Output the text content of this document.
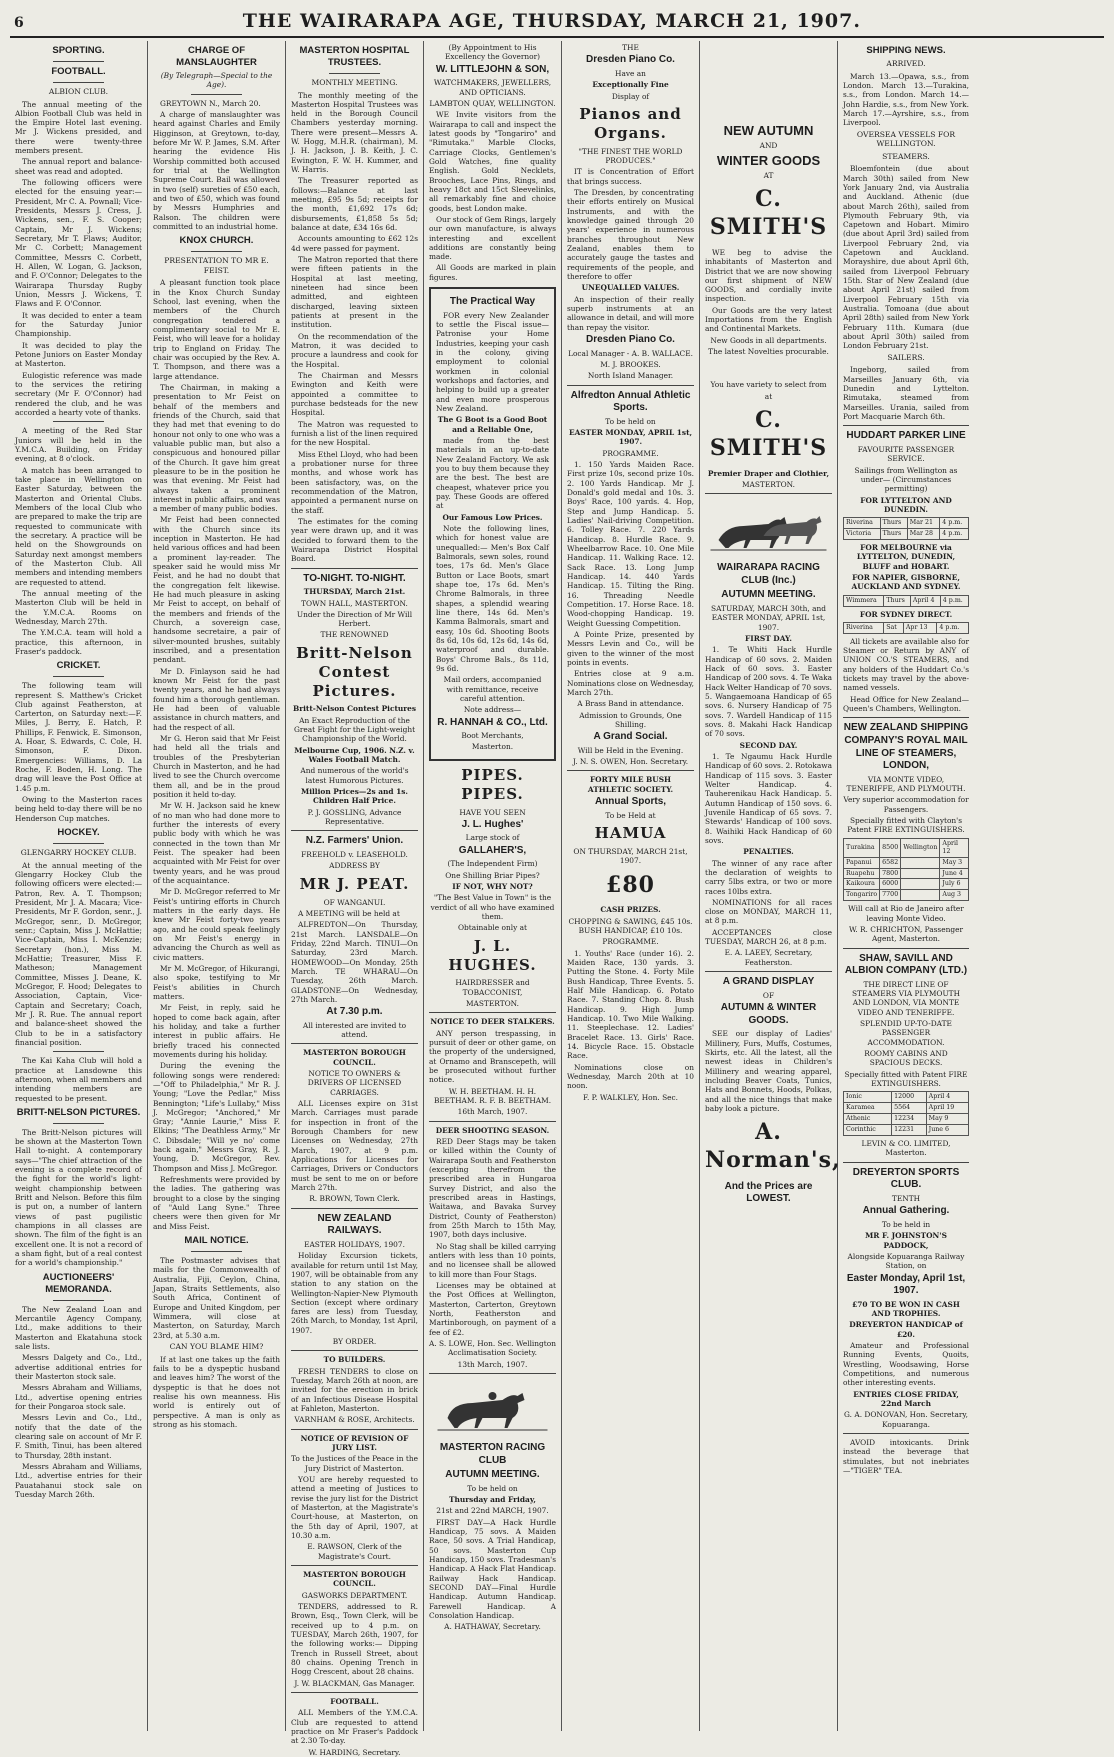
6	THE WAIRARAPA AGE, THURSDAY, MARCH 21, 1907.
SPORTING.
FOOTBALL.
ALBION CLUB.

The annual meeting of the Albion Football Club was held in the Empire Hotel last evening. Mr J. Wickens presided, and there were twenty-three members present.

The annual report and balance-sheet was read and adopted.

The following officers were elected for the ensuing year:—President, Mr C. A. Pownall; Vice-Presidents, Messrs J. Cress, J. Wickens, sen., F. S. Cooper; Captain, Mr J. Wickens; Secretary, Mr T. Flaws; Auditor, Mr C. Corbett; Management Committee, Messrs C. Corbett, H. Allen, W. Logan, G. Jackson, and F. O'Connor; Delegates to the Wairarapa Thursday Rugby Union, Messrs J. Wickens, T. Flaws and F. O'Connor.

It was decided to enter a team for the Saturday Junior Championship.

It was decided to play the Petone Juniors on Easter Monday at Masterton.

Eulogistic reference was made to the services the retiring secretary (Mr F. O'Connor) had rendered the club, and he was accorded a hearty vote of thanks.

A meeting of the Red Star Juniors will be held in the Y.M.C.A. Building, on Friday evening, at 8 o'clock.

A match has been arranged to take place in Wellington on Easter Saturday, between the Masterton and Oriental Clubs. Members of the local Club who are prepared to make the trip are requested to communicate with the secretary. A practice will be held on the Showgrounds on Saturday next amongst members of the Masterton Club. All members and intending members are requested to attend.

The annual meeting of the Masterton Club will be held in the Y.M.C.A. Rooms on Wednesday, March 27th.

The Y.M.C.A. team will hold a practice, this afternoon, in Fraser's paddock.

CRICKET.

The following team will represent S. Matthew's Cricket Club against Featherston, at Carterton, on Saturday next:—F. Miles, J. Berry, E. Hatch, P. Phillips, F. Fenwick, E. Simonson, A. Hoar, S. Edwards, C. Cole, H. Simonson, F. Dixon. Emergencies: Williams, D. La Roche, F. Boden, H. Long. The drag will leave the Post Office at 1.45 p.m.

Owing to the Masterton races being held to-day there will be no Henderson Cup matches.

HOCKEY.
GLENGARRY HOCKEY CLUB.

At the annual meeting of the Glengarry Hockey Club the following officers were elected:—Patron, Rev. A. T. Thompson; President, Mr J. A. Macara; Vice-Presidents, Mr F. Gordon, senr., J. McGregor, senr., D. McGregor, senr.; Captain, Miss J. McHattie; Vice-Captain, Miss I. McKenzie; Secretary (hon.), Miss M. McHattie; Treasurer, Miss F. Matheson; Management Committee, Misses J. Deane, K. McGregor, F. Hood; Delegates to Association, Captain, Vice-Captain and Secretary; Coach, Mr J. R. Rue. The annual report and balance-sheet showed the Club to be in a satisfactory financial position.

The Kai Kaha Club will hold a practice at Lansdowne this afternoon, when all members and intending members are requested to be present.

BRITT-NELSON PICTURES.

The Britt-Nelson pictures will be shown at the Masterton Town Hall to-night. A contemporary says—"The chief attraction of the evening is a complete record of the fight for the world's light-weight championship between Britt and Nelson. Before this film is put on, a number of lantern views of past pugilistic champions in all classes are shown. The film of the fight is an excellent one. It is not a record of a sham fight, but of a real contest for a world's championship."

AUCTIONEERS' MEMORANDA.

The New Zealand Loan and Mercantile Agency Company, Ltd., make additions to their Masterton and Ekatahuna stock sale lists.

Messrs Dalgety and Co., Ltd., advertise additional entries for their Masterton stock sale.

Messrs Abraham and Williams, Ltd., advertise opening entries for their Pongaroa stock sale.

Messrs Levin and Co., Ltd., notify that the date of the clearing sale on account of Mr F. F. Smith, Tinui, has been altered to Thursday, 28th instant.

Messrs Abraham and Williams, Ltd., advertise entries for their Pauatahanui stock sale on Tuesday March 26th.

CHARGE OF MANSLAUGHTER
(By Telegraph—Special to the Age).

GREYTOWN N., March 20.

A charge of manslaughter was heard against Charles and Emily Higginson, at Greytown, to-day, before Mr W. P. James, S.M. After hearing the evidence His Worship committed both accused for trial at the Wellington Supreme Court. Bail was allowed in two (self) sureties of £50 each, and two of £50, which was found by Messrs Humphries and Ralson. The children were committed to an industrial home.

KNOX CHURCH.
PRESENTATION TO MR E. FEIST.

A pleasant function took place in the Knox Church Sunday School, last evening, when the members of the Church congregation tendered a complimentary social to Mr E. Feist, who will leave for a holiday trip to England on Friday. The chair was occupied by the Rev. A. T. Thompson, and there was a large attendance.

The Chairman, in making a presentation to Mr Feist on behalf of the members and friends of the Church, said that they had met that evening to do honour not only to one who was a valuable public man, but also a conspicuous and honoured pillar of the Church. It gave him great pleasure to be in the position he was that evening. Mr Feist had always taken a prominent interest in public affairs, and was a member of many public bodies.

Mr Feist had been connected with the Church since its inception in Masterton. He had held various offices and had been a prominent lay-reader. The speaker said he would miss Mr Feist, and he had no doubt that the congregation felt likewise. He had much pleasure in asking Mr Feist to accept, on behalf of the members and friends of the Church, a sovereign case, handsome secretaire, a pair of silver-mounted brushes, suitably inscribed, and a presentation pendant.

Mr D. Finlayson said he had known Mr Feist for the past twenty years, and he had always found him a thorough gentleman. He had been of valuable assistance in church matters, and had the respect of all.

Mr G. Heron said that Mr Feist had held all the trials and troubles of the Presbyterian Church in Masterton, and he had lived to see the Church overcome them all, and be in the proud position it held to-day.

Mr W. H. Jackson said he knew of no man who had done more to further the interests of every public body with which he was connected in the town than Mr Feist. The speaker had been acquainted with Mr Feist for over twenty years, and he was proud of the acquaintance.

Mr D. McGregor referred to Mr Feist's untiring efforts in Church matters in the early days. He knew Mr Feist forty-two years ago, and he could speak feelingly on Mr Feist's energy in advancing the Church as well as civic matters.

Mr M. McGregor, of Hikurangi, also spoke, testifying to Mr Feist's abilities in Church matters.

Mr Feist, in reply, said he hoped to come back again, after his holiday, and take a further interest in public affairs. He briefly traced his connected movements during his holiday.

During the evening the following songs were rendered:—"Off to Philadelphia," Mr R. J. Young; "Love the Pedlar," Miss Bennington; "Life's Lullaby," Miss J. McGregor; "Anchored," Mr Gray; "Annie Laurie," Miss F. Elkins; "The Deathless Army," Mr C. Dibsdale; "Will ye no' come back again," Messrs Gray, R. J. Young, D. McGregor, Rev. Thompson and Miss J. McGregor.

Refreshments were provided by the ladies. The gathering was brought to a close by the singing of "Auld Lang Syne." Three cheers were then given for Mr and Miss Feist.

MAIL NOTICE.

The Postmaster advises that mails for the Commonwealth of Australia, Fiji, Ceylon, China, Japan, Straits Settlements, also South Africa, Continent of Europe and United Kingdom, per Wimmera, will close at Masterton, on Saturday, March 23rd, at 5.30 a.m.

CAN YOU BLAME HIM?

If at last one takes up the faith fails to be a dyspeptic husband and leaves him? The worst of the dyspeptic is that he does not realise his own meanness. His world is entirely out of perspective. A man is only as strong as his stomach.

MASTERTON HOSPITAL TRUSTEES.
MONTHLY MEETING.

The monthly meeting of the Masterton Hospital Trustees was held in the Borough Council Chambers yesterday morning. There were present—Messrs A. W. Hogg, M.H.R. (chairman), M. J. H. Jackson, J. B. Keith, J. C. Ewington, F. W. H. Kummer, and W. Harris.

The Treasurer reported as follows:—Balance at last meeting, £95 9s 5d; receipts for the month, £1,692 17s 6d; disbursements, £1,858 5s 5d; balance at date, £34 16s 6d.

Accounts amounting to £62 12s 4d were passed for payment.

The Matron reported that there were fifteen patients in the Hospital at last meeting, nineteen had since been admitted, and eighteen discharged, leaving sixteen patients at present in the institution.

On the recommendation of the Matron, it was decided to procure a laundress and cook for the Hospital.

The Chairman and Messrs Ewington and Keith were appointed a committee to purchase bedsteads for the new Hospital.

The Matron was requested to furnish a list of the linen required for the new Hospital.

Miss Ethel Lloyd, who had been a probationer nurse for three months, and whose work has been satisfactory, was, on the recommendation of the Matron, appointed a permanent nurse on the staff.

The estimates for the coming year were drawn up, and it was decided to forward them to the Wairarapa District Hospital Board.

TO-NIGHT. TO-NIGHT.
THURSDAY, March 21st.
TOWN HALL, MASTERTON.
Under the Direction of Mr Will Herbert.
THE RENOWNED
Britt-Nelson Contest Pictures.
Britt-Nelson Contest Pictures
An Exact Reproduction of the Great Fight for the Light-weight Championship of the World.
Melbourne Cup, 1906. N.Z. v. Wales Football Match.
And numerous of the world's latest Humorous Pictures.
Million Prices—2s and 1s. Children Half Price.
P. J. GOSSLING, Advance Representative.
N.Z. Farmers' Union.
FREEHOLD v. LEASEHOLD.
ADDRESS BY
MR J. PEAT.
OF WANGANUI.

A MEETING will be held at

ALFREDTON—On Thursday, 21st March. LANSDALE—On Friday, 22nd March. TINUI—On Saturday, 23rd March. HOMEWOOD—On Monday, 25th March. TE WHARAU—On Tuesday, 26th March. GLADSTONE—On Wednesday, 27th March.

At 7.30 p.m.
All interested are invited to attend.
MASTERTON BOROUGH COUNCIL.
NOTICE TO OWNERS & DRIVERS OF LICENSED CARRIAGES.

ALL Licenses expire on 31st March. Carriages must parade for inspection in front of the Borough Chambers for new Licenses on Wednesday, 27th March, 1907, at 9 p.m. Applications for Licenses for Carriages, Drivers or Conductors must be sent to me on or before March 27th.

R. BROWN, Town Clerk.
NEW ZEALAND RAILWAYS.
EASTER HOLIDAYS, 1907.

Holiday Excursion tickets, available for return until 1st May, 1907, will be obtainable from any station to any station on the Wellington-Napier-New Plymouth Section (except where ordinary fares are less) from Tuesday, 26th March, to Monday, 1st April, 1907.

BY ORDER.
TO BUILDERS.

FRESH TENDERS to close on Tuesday, March 26th at noon, are invited for the erection in brick of an Infectious Disease Hospital at Fahleton, Masterton.

VARNHAM & ROSE, Architects.
NOTICE OF REVISION OF JURY LIST.
To the Justices of the Peace in the Jury District of Masterton.

YOU are hereby requested to attend a meeting of Justices to revise the jury list for the District of Masterton, at the Magistrate's Court-house, at Masterton, on the 5th day of April, 1907, at 10.30 a.m.

E. RAWSON, Clerk of the Magistrate's Court.
MASTERTON BOROUGH COUNCIL.
GASWORKS DEPARTMENT.

TENDERS, addressed to R. Brown, Esq., Town Clerk, will be received up to 4 p.m. on TUESDAY, March 26th, 1907, for the following works:— Dipping Trench in Russell Street, about 80 chains. Opening Trench in Hogg Crescent, about 28 chains.

J. W. BLACKMAN, Gas Manager.
FOOTBALL.

ALL Members of the Y.M.C.A. Club are requested to attend practice on Mr Fraser's Paddock at 2.30 To-day.

W. HARDING, Secretary.
(By Appointment to His Excellency the Governor)
W. LITTLEJOHN & SON,
WATCHMAKERS, JEWELLERS, AND OPTICIANS.
LAMBTON QUAY, WELLINGTON.

WE Invite visitors from the Wairarapa to call and inspect the latest goods by "Tongariro" and "Rimutaka." Marble Clocks, Carriage Clocks, Gentlemen's Gold Watches, fine quality English. Gold Necklets, Brooches, Lace Pins, Rings, and heavy 18ct and 15ct Sleevelinks, all remarkably fine and choice goods, best London make.

Our stock of Gem Rings, largely our own manufacture, is always interesting and excellent additions are constantly being made.

All Goods are marked in plain figures.

The Practical Way

FOR every New Zealander to settle the Fiscal issue—Patronise your Home Industries, keeping your cash in the colony, giving employment to colonial workmen in colonial workshops and factories, and helping to build up a greater and even more prosperous New Zealand.

The G Boot is a Good Boot and a Reliable One,

made from the best materials in an up-to-date New Zealand Factory. We ask you to buy them because they are the best. The best are cheapest, whatever price you pay. These Goods are offered at

Our Famous Low Prices.

Note the following lines, which for honest value are unequalled:— Men's Box Calf Balmorals, sewn soles, round toes, 17s 6d. Men's Glace Button or Lace Boots, smart shape toe, 17s 6d. Men's Chrome Balmorals, in three shapes, a splendid wearing line there, 14s 6d. Men's Kamma Balmorals, smart and easy, 10s 6d. Shooting Boots 8s 6d, 10s 6d, 12s 6d, 14s 6d, waterproof and durable. Boys' Chrome Bals., 8s 11d, 9s 6d.

Mail orders, accompanied with remittance, receive careful attention.
Note address—
R. HANNAH & CO., Ltd.
Boot Merchants,
Masterton.
PIPES. PIPES.
HAVE YOU SEEN
J. L. Hughes'
Large stock of
GALLAHER'S,
(The Independent Firm)
One Shilling Briar Pipes?
IF NOT, WHY NOT?
"The Best Value in Town" is the verdict of all who have examined them.
Obtainable only at
J. L. HUGHES.
HAIRDRESSER and TOBACCONIST,
MASTERTON.
NOTICE TO DEER STALKERS.

ANY person trespassing, in pursuit of deer or other game, on the property of the undersigned, at Ornamo and Branscepeth, will be prosecuted without further notice.

W. H. BEETHAM. H. H. BEETHAM. R. F. B. BEETHAM.
16th March, 1907.
DEER SHOOTING SEASON.

RED Deer Stags may be taken or killed within the County of Wairarapa South and Featherston (excepting therefrom the prescribed area in Hungaroa Survey District, and also the prescribed areas in Hastings, Waitawa, and Bavaka Survey District, County of Featherston) from 25th March to 15th May, 1907, both days inclusive.

No Stag shall be killed carrying antlers with less than 10 points, and no licensee shall be allowed to kill more than Four Stags.

Licenses may be obtained at the Post Offices at Wellington, Masterton, Carterton, Greytown North, Featherston and Martinborough, on payment of a fee of £2.

A. S. LOWE, Hon. Sec. Wellington Acclimatisation Society.
13th March, 1907.
MASTERTON RACING CLUB
AUTUMN MEETING.
To be held on
Thursday and Friday,
21st and 22nd MARCH, 1907.

FIRST DAY—A Hack Hurdle Handicap, 75 sovs. A Maiden Race, 50 sovs. A Trial Handicap, 50 sovs. Masterton Cup Handicap, 150 sovs. Tradesman's Handicap. A Hack Flat Handicap. Railway Hack Handicap. SECOND DAY—Final Hurdle Handicap. Autumn Handicap. Farewell Handicap. A Consolation Handicap.

A. HATHAWAY, Secretary.
THE
Dresden Piano Co.
Have an
Exceptionally Fine
Display of
Pianos and Organs.
"THE FINEST THE WORLD PRODUCES."

IT is Concentration of Effort that brings success.

The Dresden, by concentrating their efforts entirely on Musical Instruments, and with the knowledge gained through 20 years' experience in numerous branches throughout New Zealand, enables them to accurately gauge the tastes and requirements of the people, and therefore to offer

UNEQUALLED VALUES.

An inspection of their really superb instruments at an allowance in detail, and will more than repay the visitor.

Dresden Piano Co.
Local Manager - A. B. WALLACE.
M. J. BROOKES.
North Island Manager.
Alfredton Annual Athletic Sports.
To be held on
EASTER MONDAY, APRIL 1st, 1907.
PROGRAMME.

1. 150 Yards Maiden Race. First prize 10s, second prize 10s. 2. 100 Yards Handicap. Mr J. Donald's gold medal and 10s. 3. Boys' Race, 100 yards. 4. Hop, Step and Jump Handicap. 5. Ladies' Nail-driving Competition. 6. Tolley Race. 7. 220 Yards Handicap. 8. Hurdle Race. 9. Wheelbarrow Race. 10. One Mile Handicap. 11. Walking Race. 12. Sack Race. 13. Long Jump Handicap. 14. 440 Yards Handicap. 15. Tilting the Ring. 16. Threading Needle Competition. 17. Horse Race. 18. Wood-chopping Handicap. 19. Weight Guessing Competition.

A Pointe Prize, presented by Messrs Levin and Co., will be given to the winner of the most points in events.

Entries close at 9 a.m. Nominations close on Wednesday, March 27th.

A Brass Band in attendance.
Admission to Grounds, One Shilling.
A Grand Social.
Will be Held in the Evening.
J. N. S. OWEN, Hon. Secretary.
FORTY MILE BUSH ATHLETIC SOCIETY.
Annual Sports,
To be Held at
HAMUA
ON THURSDAY, MARCH 21st, 1907.
£80
CASH PRIZES.
CHOPPING & SAWING, £45 10s. BUSH HANDICAP, £10 10s.
PROGRAMME.

1. Youths' Race (under 16). 2. Maiden Race, 130 yards. 3. Putting the Stone. 4. Forty Mile Bush Handicap, Three Events. 5. Half Mile Handicap. 6. Potato Race. 7. Standing Chop. 8. Bush Handicap. 9. High Jump Handicap. 10. Two Mile Walking. 11. Steeplechase. 12. Ladies' Bracelet Race. 13. Girls' Race. 14. Bicycle Race. 15. Obstacle Race.

Nominations close on Wednesday, March 20th at 10 noon.

F. P. WALKLEY, Hon. Sec.
NEW AUTUMN
AND
WINTER GOODS
AT
C. SMITH'S

WE beg to advise the inhabitants of Masterton and District that we are now showing our first shipment of NEW GOODS, and cordially invite inspection.

Our Goods are the very latest Importations from the English and Continental Markets.

New Goods in all departments.
The latest Novelties procurable.
You have variety to select from
at
C. SMITH'S
Premier Draper and Clothier,
MASTERTON.
WAIRARAPA RACING CLUB (Inc.)
AUTUMN MEETING.
SATURDAY, MARCH 30th, and EASTER MONDAY, APRIL 1st, 1907.
FIRST DAY.

1. Te Whiti Hack Hurdle Handicap of 60 sovs. 2. Maiden Hack of 60 sovs. 3. Easter Handicap of 200 sovs. 4. Te Waka Hack Welter Handicap of 70 sovs. 5. Wangaemoana Handicap of 65 sovs. 6. Nursery Handicap of 75 sovs. 7. Wardell Handicap of 115 sovs. 8. Makahi Hack Handicap of 70 sovs.

SECOND DAY.

1. Te Ngaumu Hack Hurdle Handicap of 60 sovs. 2. Rotokawa Handicap of 115 sovs. 3. Easter Welter Handicap. 4. Tauherenikau Hack Handicap. 5. Autumn Handicap of 150 sovs. 6. Juvenile Handicap of 65 sovs. 7. Stewards' Handicap of 100 sovs. 8. Waihiki Hack Handicap of 60 sovs.

PENALTIES.

The winner of any race after the declaration of weights to carry 5lbs extra, or two or more races 10lbs extra.

NOMINATIONS for all races close on MONDAY, MARCH 11, at 8 p.m.

ACCEPTANCES close TUESDAY, MARCH 26, at 8 p.m.

E. A. LAEEY, Secretary, Featherston.
A GRAND DISPLAY
OF
AUTUMN & WINTER GOODS.

SEE our display of Ladies' Millinery, Furs, Muffs, Costumes, Skirts, etc. All the latest, all the newest ideas in Children's Millinery and wearing apparel, including Beaver Coats, Tunics, Hats and Bonnets, Hoods, Polkas, and all the nice things that make baby look a picture.

A. Norman's,
And the Prices are LOWEST.
SHIPPING NEWS.
ARRIVED.

March 13.—Opawa, s.s., from London. March 13.—Turakina, s.s., from London. March 14.—John Hardie, s.s., from New York. March 17.—Ayrshire, s.s., from Liverpool.

OVERSEA VESSELS FOR WELLINGTON.
STEAMERS.

Bloemfontein (due about March 30th) sailed from New York January 2nd, via Australia and Auckland. Athenic (due about March 26th), sailed from Plymouth February 9th, via Capetown and Hobart. Mimiro (due about April 3rd) sailed from Liverpool February 2nd, via Capetown and Auckland. Morayshire, due about April 6th, sailed from Liverpool February 15th. Star of New Zealand (due about April 21st) sailed from Liverpool February 15th via Australia. Tomoana (due about April 28th) sailed from New York February 11th. Kumara (due about April 30th) sailed from London February 21st.

SAILERS.

Ingeborg, sailed from Marseilles January 6th, via Dunedin and Lyttelton. Rimutaka, steamed from Marseilles. Urania, sailed from Port Macquarie March 6th.

HUDDART PARKER LINE
FAVOURITE PASSENGER SERVICE.
Sailings from Wellington as under— (Circumstances permitting)
FOR LYTTELTON AND DUNEDIN.
Riverina	Thurs	Mar 21	4 p.m.
Victoria	Thurs	Mar 28	4 p.m.
FOR MELBOURNE via LYTTELTON, DUNEDIN, BLUFF and HOBART.
FOR NAPIER, GISBORNE, AUCKLAND AND SYDNEY.
Wimmera	Thurs	April 4	4 p.m.
FOR SYDNEY DIRECT.
Riverina	Sat	Apr 13	4 p.m.

All tickets are available also for Steamer or Return by ANY of UNION CO.'S STEAMERS, and any holders of the Huddart Co.'s tickets may travel by the above-named vessels.

Head Office for New Zealand—Queen's Chambers, Wellington.

NEW ZEALAND SHIPPING COMPANY'S ROYAL MAIL LINE OF STEAMERS, LONDON,
VIA MONTE VIDEO, TENERIFFE, AND PLYMOUTH.
Very superior accommodation for Passengers.
Specially fitted with Clayton's Patent FIRE EXTINGUISHERS.
Turakina	8500	Wellington	April 12
Papanui	6582		May 3
Ruapehu	7800		June 4
Kaikoura	6000		July 6
Tongariro	7700		Aug 3
Will call at Rio de Janeiro after leaving Monte Video.
W. R. CHRICHTON, Passenger Agent, Masterton.
SHAW, SAVILL AND ALBION COMPANY (LTD.)
THE DIRECT LINE OF STEAMERS VIA PLYMOUTH AND LONDON, VIA MONTE VIDEO AND TENERIFFE.
SPLENDID UP-TO-DATE PASSENGER ACCOMMODATION.
ROOMY CABINS AND SPACIOUS DECKS.
Specially fitted with Patent FIRE EXTINGUISHERS.
Ionic	12000	April 4
Karamea	5564	April 19
Athenic	12234	May 9
Corinthic	12231	June 6
LEVIN & CO. LIMITED, Masterton.
DREYERTON SPORTS CLUB.
TENTH
Annual Gathering.
To be held in
MR F. JOHNSTON'S PADDOCK,
Alongside Kopuaranga Railway Station, on
Easter Monday, April 1st, 1907.
£70 TO BE WON IN CASH AND TROPHIES.
DREYERTON HANDICAP of £20.

Amateur and Professional Running Events, Quoits, Wrestling, Woodsawing, Horse Competitions, and numerous other interesting events.

ENTRIES CLOSE FRIDAY, 22nd March
G. A. DONOVAN, Hon. Secretary, Kopuaranga.

AVOID intoxicants. Drink instead the beverage that stimulates, but not inebriates—"TIGER" TEA.
